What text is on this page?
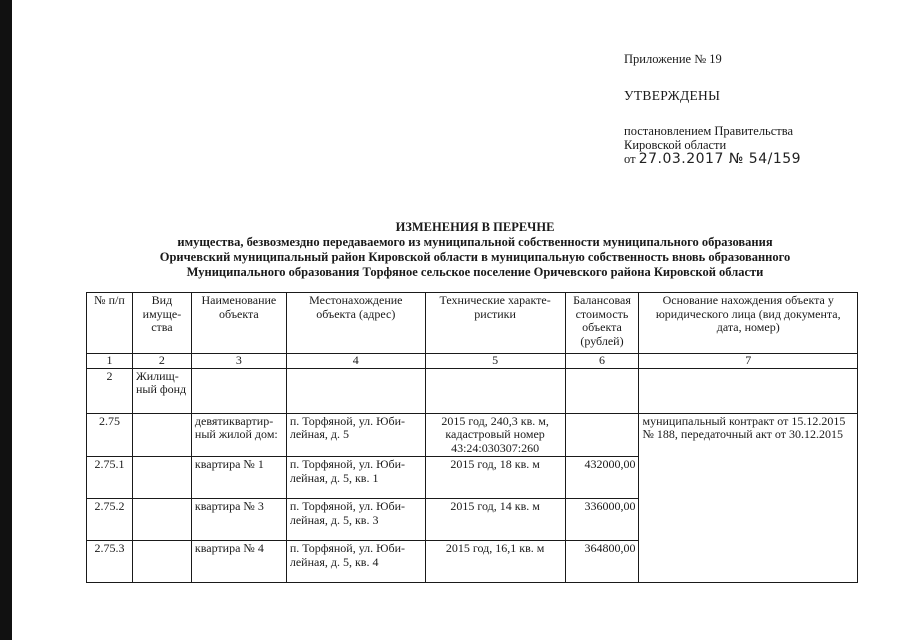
Приложение № 19
УТВЕРЖДЕНЫ
постановлением Правительства
Кировской области
от 27.03.2017 № 54/159
ИЗМЕНЕНИЯ В ПЕРЕЧНЕ
имущества, безвозмездно передаваемого из муниципальной собственности муниципального образования
Оричевский муниципальный район Кировской области в муниципальную собственность вновь образованного
Муниципального образования Торфяное сельское поселение Оричевского района Кировской области
№ п/п	Вид имуще- ства	Наименование объекта	Местонахождение объекта (адрес)	Технические характе- ристики	Балансовая стоимость объекта (рублей)	Основание нахождения объекта у юридического лица (вид документа, дата, номер)
1	2	3	4	5	6	7
2	Жилищ- ный фонд					
2.75		девятиквартир- ный жилой дом:	п. Торфяной, ул. Юби- лейная, д. 5	2015 год, 240,3 кв. м, кадастровый номер 43:24:030307:260		муниципальный контракт от 15.12.2015 № 188, передаточный акт от 30.12.2015
2.75.1		квартира № 1	п. Торфяной, ул. Юби- лейная, д. 5, кв. 1	2015 год, 18 кв. м	432000,00	
2.75.2		квартира № 3	п. Торфяной, ул. Юби- лейная, д. 5, кв. 3	2015 год, 14 кв. м	336000,00	
2.75.3		квартира № 4	п. Торфяной, ул. Юби- лейная, д. 5, кв. 4	2015 год, 16,1 кв. м	364800,00	
